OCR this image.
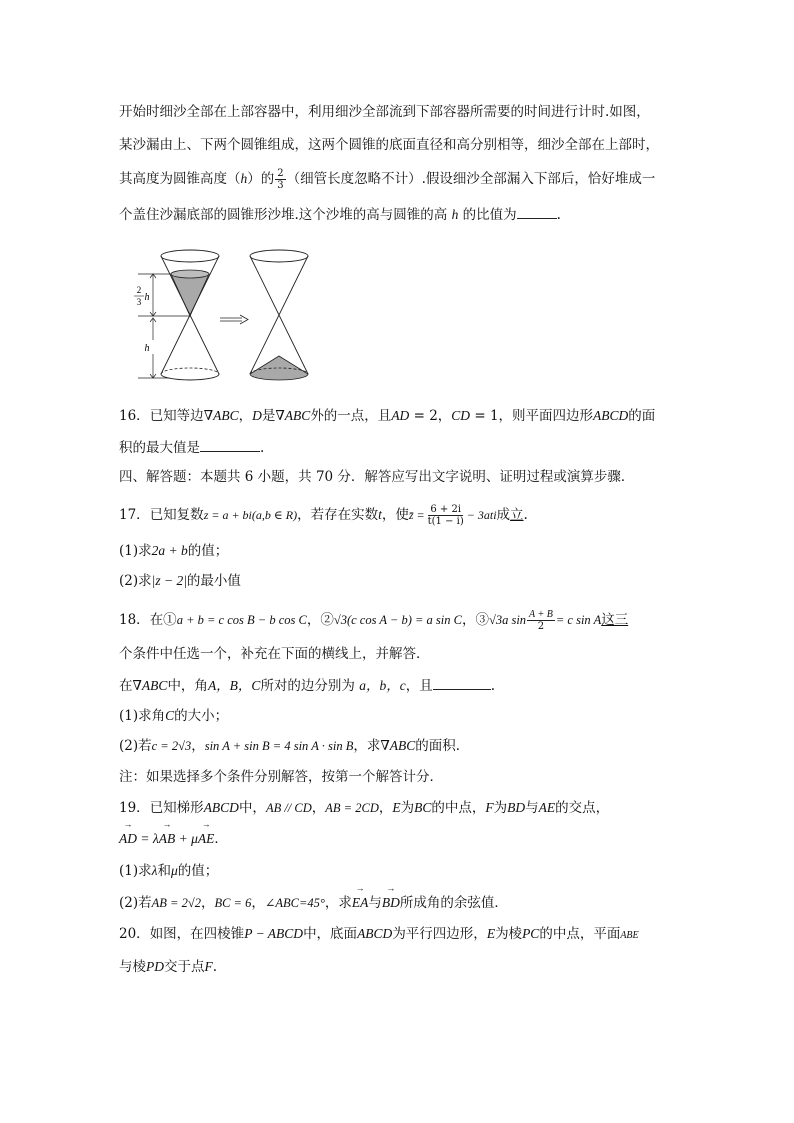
开始时细沙全部在上部容器中，利用细沙全部流到下部容器所需要的时间进行计时.如图，
某沙漏由上、下两个圆锥组成，这两个圆锥的底面直径和高分别相等，细沙全部在上部时，
其高度为圆锥高度（h）的 $\frac{2}{3}$ （细管长度忽略不计）.假设细沙全部漏入下部后，恰好堆成一
个盖住沙漏底部的圆锥形沙堆.这个沙堆的高与圆锥的高 h 的比值为	.
2
3 h
h
16．已知等边∇ABC，D是∇ABC外的一点，且AD = 2，CD = 1，则平面四边形ABCD的面
积的最大值是	.
四、解答题：本题共 6 小题，共 70 分．解答应写出文字说明、证明过程或演算步骤．
17．已知复数z = a + bi(a,b ∈ R)，若存在实数t，使z̄ = $\frac{6 + 2i}{t(1 - i)} - 3ati$成立.
(1)求2a + b的值；
(2)求|z − 2|的最小值
18．在①a + b = c cos B − b cos C，②√3(c cos A − b) = a sin C，③√3a $\sin \frac{A + B}{2} = c$ sin A这三
个条件中任选一个，补充在下面的横线上，并解答．
在∇ABC中，角A，B，C所对的边分别为 a，b，c，且	.
(1)求角C的大小；
(2)若c = 2√3，sin A + sin B = 4 sin A · sin B，求∇ABC的面积．
注：如果选择多个条件分别解答，按第一个解答计分．
19．已知梯形ABCD中，AB // CD，AB = 2CD，E为BC的中点，F为BD与AE的交点，
→ AD = λ→ AB + μ→ AE．
(1)求λ和μ的值；
(2)若AB = 2√2，BC = 6，∠ABC=45°，求→ EA与→ BD所成角的余弦值．
20．如图，在四棱锥P − ABCD中，底面ABCD为平行四边形，E为棱PC的中点，平面ABE
与棱PD交于点F.
